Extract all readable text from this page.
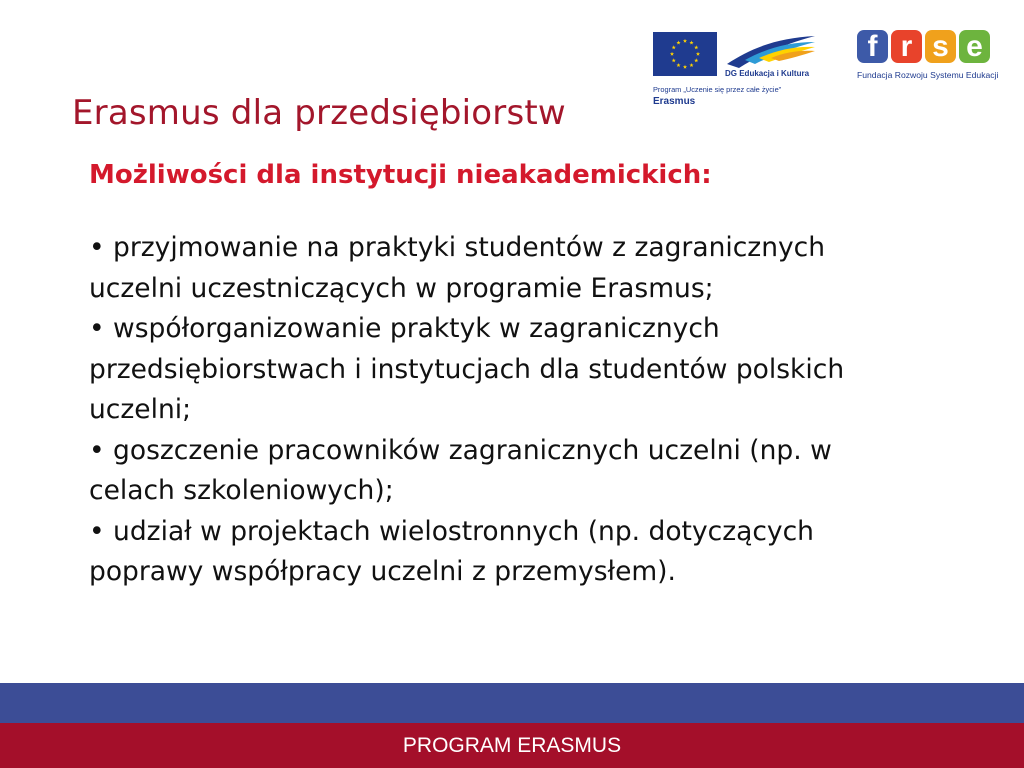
Erasmus dla przedsiębiorstw
DG Edukacja i Kultura
Program „Uczenie się przez całe życie”
Erasmus
f r s e
Fundacja Rozwoju Systemu Edukacji
Możliwości dla instytucji nieakademickich:
• przyjmowanie na praktyki studentów z zagranicznych uczelni uczestniczących w programie Erasmus;
• współorganizowanie praktyk w zagranicznych przedsiębiorstwach i instytucjach dla studentów polskich uczelni;
• goszczenie pracowników zagranicznych uczelni (np. w celach szkoleniowych);
• udział w projektach wielostronnych (np. dotyczących poprawy współpracy uczelni z przemysłem).
PROGRAM ERASMUS
